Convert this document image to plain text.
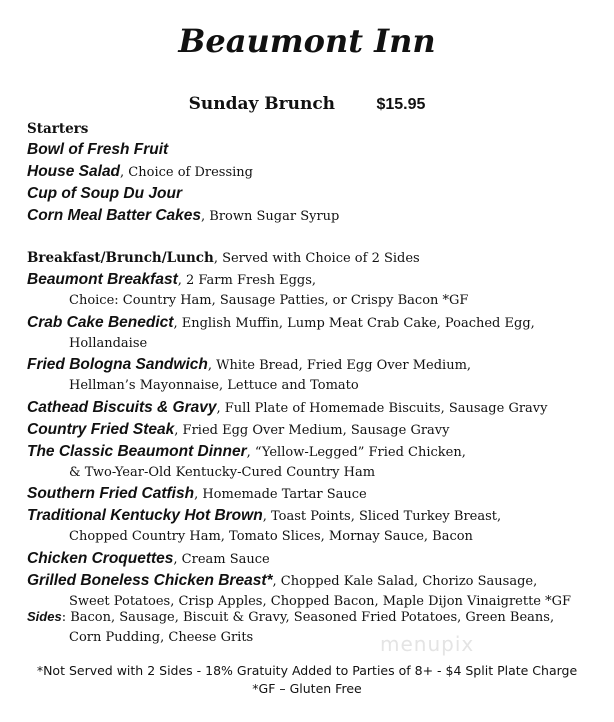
Beaumont Inn
Sunday Brunch	$15.95
Starters
Bowl of Fresh Fruit
House Salad, Choice of Dressing
Cup of Soup Du Jour
Corn Meal Batter Cakes, Brown Sugar Syrup
Breakfast/Brunch/Lunch, Served with Choice of 2 Sides
Beaumont Breakfast, 2 Farm Fresh Eggs,
Choice: Country Ham, Sausage Patties, or Crispy Bacon *GF
Crab Cake Benedict, English Muffin, Lump Meat Crab Cake, Poached Egg,
Hollandaise
Fried Bologna Sandwich, White Bread, Fried Egg Over Medium,
Hellman’s Mayonnaise, Lettuce and Tomato
Cathead Biscuits & Gravy, Full Plate of Homemade Biscuits, Sausage Gravy
Country Fried Steak, Fried Egg Over Medium, Sausage Gravy
The Classic Beaumont Dinner, “Yellow-Legged” Fried Chicken,
& Two-Year-Old Kentucky-Cured Country Ham
Southern Fried Catfish, Homemade Tartar Sauce
Traditional Kentucky Hot Brown, Toast Points, Sliced Turkey Breast,
Chopped Country Ham, Tomato Slices, Mornay Sauce, Bacon
Chicken Croquettes, Cream Sauce
Grilled Boneless Chicken Breast*, Chopped Kale Salad, Chorizo Sausage,
Sweet Potatoes, Crisp Apples, Chopped Bacon, Maple Dijon Vinaigrette *GF
Sides: Bacon, Sausage, Biscuit & Gravy, Seasoned Fried Potatoes, Green Beans,
Corn Pudding, Cheese Grits	menupix
*Not Served with 2 Sides - 18% Gratuity Added to Parties of 8+ - $4 Split Plate Charge
*GF – Gluten Free
